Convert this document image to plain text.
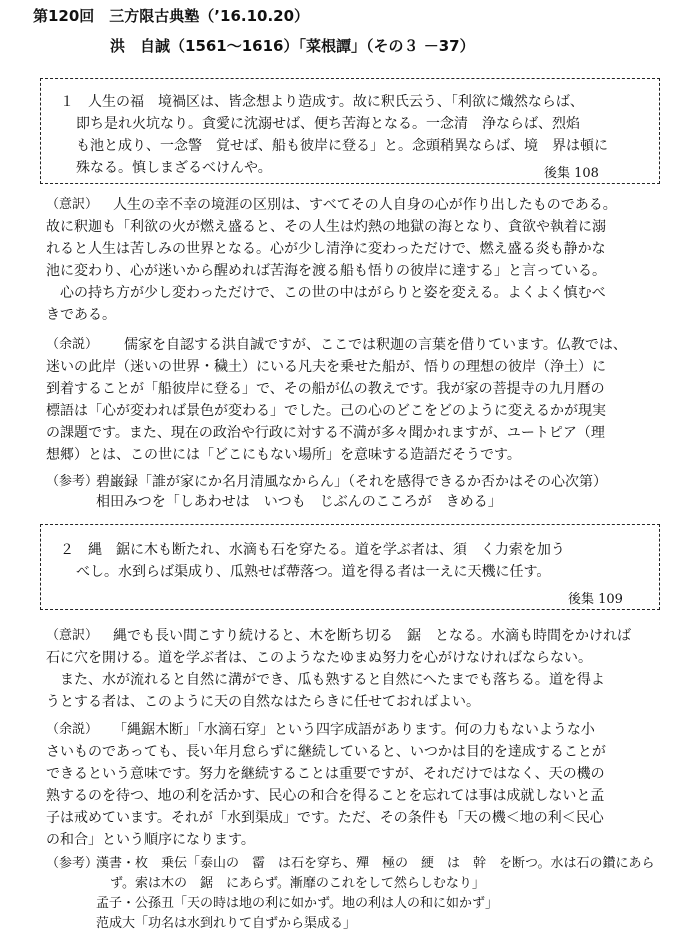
第120回　三方限古典塾（’16.10.20）
洪　自誠（1561〜1616）「菜根譚」（その３ －37）
１　人生の福　境禍区は、皆念想より造成す。故に釈氏云う、「利欲に熾然ならば、
即ち是れ火坑なり。貪愛に沈溺せば、便ち苦海となる。一念清　浄ならば、烈焰
も池と成り、一念警　覚せば、船も彼岸に登る」と。念頭稍異ならば、境　界は頓に
殊なる。慎しまざるべけんや。	後集 108
（意訳） 人生の幸不幸の境涯の区別は、すべてその人自身の心が作り出したものである。
故に釈迦も「利欲の火が燃え盛ると、その人生は灼熱の地獄の海となり、貪欲や執着に溺
れると人生は苦しみの世界となる。心が少し清浄に変わっただけで、燃え盛る炎も静かな
池に変わり、心が迷いから醒めれば苦海を渡る船も悟りの彼岸に達する」と言っている。
　心の持ち方が少し変わっただけで、この世の中はがらりと姿を変える。よくよく慎むべ
きである。
（余説） 儒家を自認する洪自誠ですが、ここでは釈迦の言葉を借りています。仏教では、
迷いの此岸（迷いの世界・穢土）にいる凡夫を乗せた船が、悟りの理想の彼岸（浄土）に
到着することが「船彼岸に登る」で、その船が仏の教えです。我が家の菩提寺の九月暦の
標語は「心が変われば景色が変わる」でした。己の心のどこをどのように変えるかが現実
の課題です。また、現在の政治や行政に対する不満が多々聞かれますが、ユートピア（理
想郷）とは、この世には「どこにもない場所」を意味する造語だそうです。
（参考）
碧巌録「誰が家にか名月清風なからん」（それを感得できるか否かはその心次第）
相田みつを「しあわせは　いつも　じぶんのこころが　きめる」
２　縄　鋸に木も断たれ、水滴も石を穿たる。道を学ぶ者は、須　く力索を加う
べし。水到らば渠成り、瓜熟せば蔕落つ。道を得る者は一えに天機に任す。
後集 109
（意訳） 縄でも長い間こすり続けると、木を断ち切る　鋸　となる。水滴も時間をかければ
石に穴を開ける。道を学ぶ者は、このようなたゆまぬ努力を心がけなければならない。
　また、水が流れると自然に溝ができ、瓜も熟すると自然にへたまでも落ちる。道を得よ
うとする者は、このように天の自然なはたらきに任せておればよい。
（余説） 「縄鋸木断」「水滴石穿」という四字成語があります。何の力もないような小
さいものであっても、長い年月怠らずに継続していると、いつかは目的を達成することが
できるという意味です。努力を継続することは重要ですが、それだけではなく、天の機の
熟するのを待つ、地の利を活かす、民心の和合を得ることを忘れては事は成就しないと孟
子は戒めています。それが「水到渠成」です。ただ、その条件も「天の機＜地の利＜民心
の和合」という順序になります。
（参考）
漢書・枚　乗伝「泰山の　霤　は石を穿ち、殫　極の　綆　は　幹　を断つ。水は石の鑽にあら
ず。索は木の　鋸　にあらず。漸靡のこれをして然らしむなり」
孟子・公孫丑「天の時は地の利に如かず。地の利は人の和に如かず」
范成大「功名は水到れりて自ずから渠成る」
